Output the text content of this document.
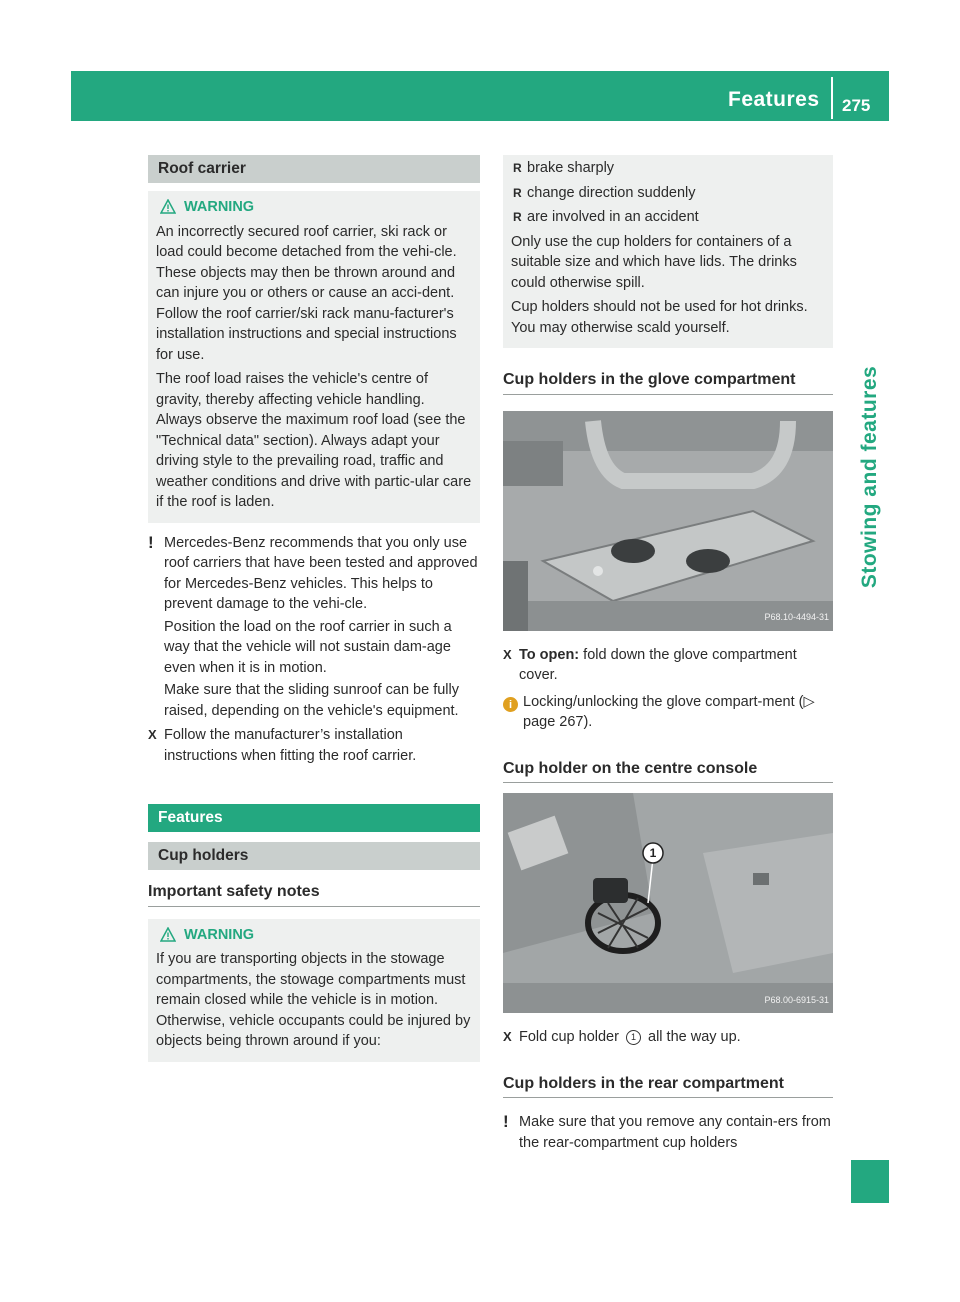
Features 275
Stowing and features
Roof carrier
WARNING

An incorrectly secured roof carrier, ski rack or load could become detached from the vehi-cle. These objects may then be thrown around and can injure you or others or cause an acci-dent. Follow the roof carrier/ski rack manu-facturer's installation instructions and special instructions for use.

The roof load raises the vehicle's centre of gravity, thereby affecting vehicle handling. Always observe the maximum roof load (see the "Technical data" section). Always adapt your driving style to the prevailing road, traffic and weather conditions and drive with partic-ular care if the roof is laden.

! Mercedes-Benz recommends that you only use roof carriers that have been tested and approved for Mercedes-Benz vehicles. This helps to prevent damage to the vehi-cle.

Position the load on the roof carrier in such a way that the vehicle will not sustain dam-age even when it is in motion.

Make sure that the sliding sunroof can be fully raised, depending on the vehicle's equipment.

X Follow the manufacturer’s installation instructions when fitting the roof carrier.

Features
Cup holders
Important safety notes
WARNING

If you are transporting objects in the stowage compartments, the stowage compartments must remain closed while the vehicle is in motion. Otherwise, vehicle occupants could be injured by objects being thrown around if you:

R brake sharply
R change direction suddenly
R are involved in an accident

Only use the cup holders for containers of a suitable size and which have lids. The drinks could otherwise spill.

Cup holders should not be used for hot drinks. You may otherwise scald yourself.

Cup holders in the glove compartment
P68.10-4494-31
X To open: fold down the glove compartment cover.

i Locking/unlocking the glove compart-ment (▷ page 267).

Cup holder on the centre console
1
P68.00-6915-31
X Fold cup holder 1 all the way up.

Cup holders in the rear compartment
! Make sure that you remove any contain-ers from the rear-compartment cup holders
